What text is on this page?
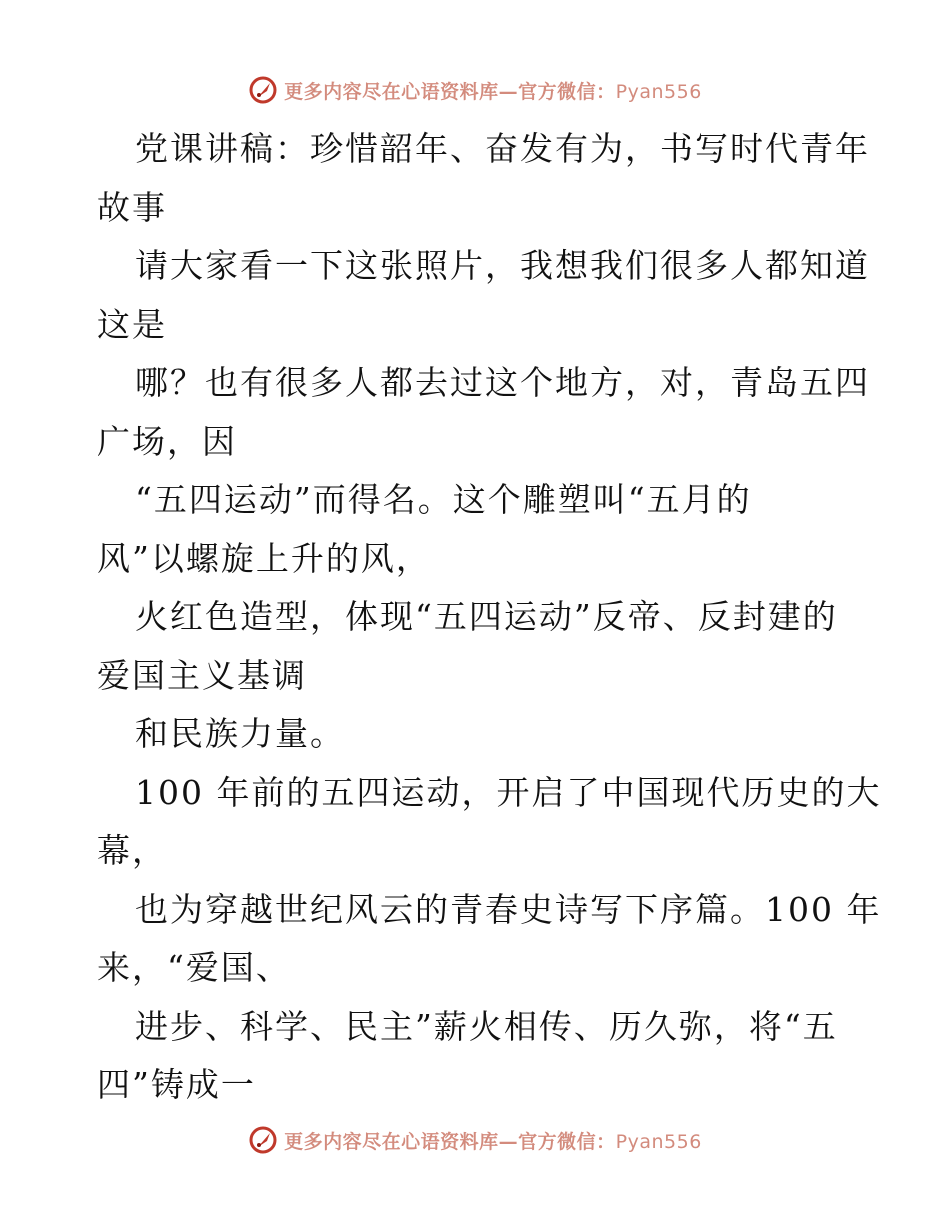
更多内容尽在心语资料库—官方微信：Pyan556
党课讲稿：珍惜韶年、奋发有为，书写时代青年
故事
请大家看一下这张照片，我想我们很多人都知道
这是
哪？也有很多人都去过这个地方，对，青岛五四
广场，因
“五四运动”而得名。这个雕塑叫“五月的
风”以螺旋上升的风，
火红色造型，体现“五四运动”反帝、反封建的
爱国主义基调
和民族力量。
100 年前的五四运动，开启了中国现代历史的大
幕，
也为穿越世纪风云的青春史诗写下序篇。100 年
来，“爱国、
进步、科学、民主”薪火相传、历久弥，将“五
四”铸成一
更多内容尽在心语资料库—官方微信：Pyan556
